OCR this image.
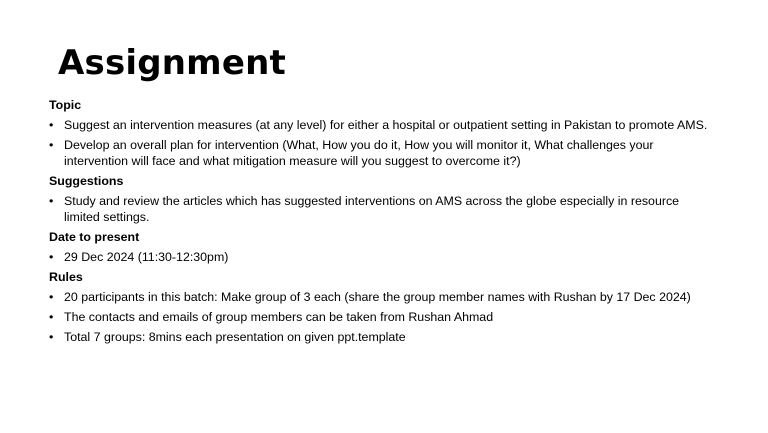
Assignment
Topic
• Suggest an intervention measures (at any level) for either a hospital or outpatient setting in Pakistan to promote AMS.
• Develop an overall plan for intervention (What, How you do it, How you will monitor it, What challenges your intervention will face and what mitigation measure will you suggest to overcome it?)
Suggestions
• Study and review the articles which has suggested interventions on AMS across the globe especially in resource limited settings.
Date to present
• 29 Dec 2024 (11:30-12:30pm)
Rules
• 20 participants in this batch: Make group of 3 each (share the group member names with Rushan by 17 Dec 2024)
• The contacts and emails of group members can be taken from Rushan Ahmad
• Total 7 groups: 8mins each presentation on given ppt.template
